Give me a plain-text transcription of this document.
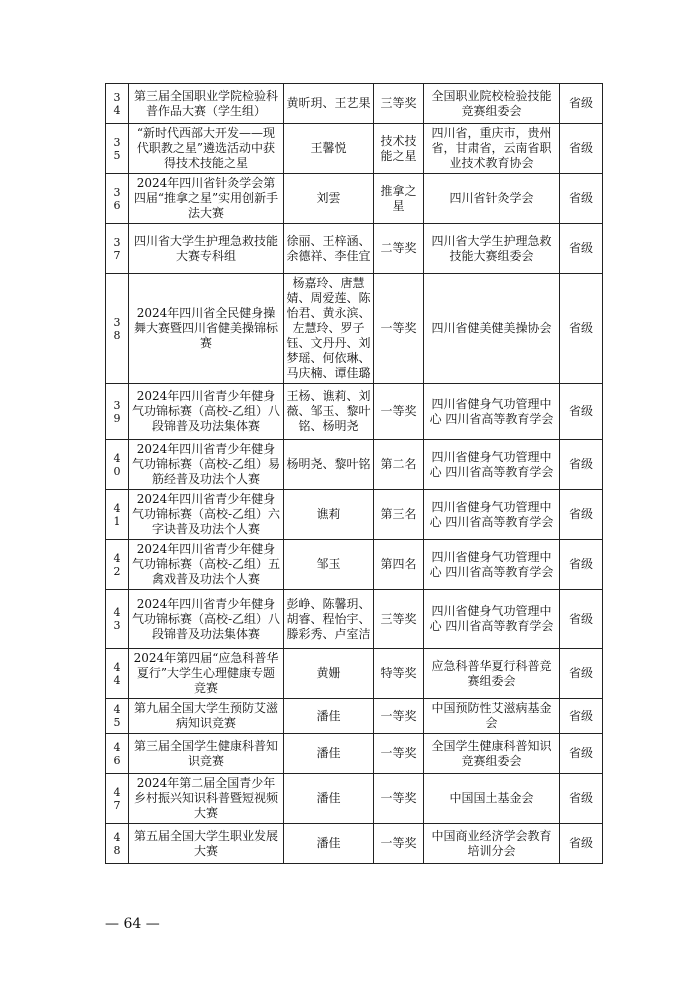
34	第三届全国职业学院检验科普作品大赛（学生组）	黄昕玥、王艺果	三等奖	全国职业院校检验技能竞赛组委会	省级
35	“新时代西部大开发——现代职教之星”遴选活动中获得技术技能之星	王馨悦	技术技能之星	四川省，重庆市，贵州省，甘肃省，云南省职业技术教育协会	省级
36	2024年四川省针灸学会第四届“推拿之星”实用创新手法大赛	刘雲	推拿之星	四川省针灸学会	省级
37	四川省大学生护理急救技能大赛专科组	徐丽、王梓涵、余德祥、李佳宜	二等奖	四川省大学生护理急救技能大赛组委会	省级
38	2024年四川省全民健身操舞大赛暨四川省健美操锦标赛	杨嘉玲、唐慧婧、周爱莲、陈怡君、黄永滨、左慧玲、罗子钰、文丹丹、刘梦瑶、何依琳、马庆楠、谭佳璐	一等奖	四川省健美健美操协会	省级
39	2024年四川省青少年健身气功锦标赛（高校-乙组）八段锦普及功法集体赛	王杨、谯莉、刘薇、邹玉、黎叶铭、杨明尧	一等奖	四川省健身气功管理中心 四川省高等教育学会	省级
40	2024年四川省青少年健身气功锦标赛（高校-乙组）易筋经普及功法个人赛	杨明尧、黎叶铭	第二名	四川省健身气功管理中心 四川省高等教育学会	省级
41	2024年四川省青少年健身气功锦标赛（高校-乙组）六字诀普及功法个人赛	谯莉	第三名	四川省健身气功管理中心 四川省高等教育学会	省级
42	2024年四川省青少年健身气功锦标赛（高校-乙组）五禽戏普及功法个人赛	邹玉	第四名	四川省健身气功管理中心 四川省高等教育学会	省级
43	2024年四川省青少年健身气功锦标赛（高校-乙组）八段锦普及功法集体赛	彭峥、陈馨玥、胡睿、程怡宇、滕彩秀、卢室洁	三等奖	四川省健身气功管理中心 四川省高等教育学会	省级
44	2024年第四届“应急科普华夏行”大学生心理健康专题竞赛	黄姗	特等奖	应急科普华夏行科普竞赛组委会	省级
45	第九届全国大学生预防艾滋病知识竞赛	潘佳	一等奖	中国预防性艾滋病基金会	省级
46	第三届全国学生健康科普知识竞赛	潘佳	一等奖	全国学生健康科普知识竞赛组委会	省级
47	2024年第二届全国青少年乡村振兴知识科普暨短视频大赛	潘佳	一等奖	中国国土基金会	省级
48	第五届全国大学生职业发展大赛	潘佳	一等奖	中国商业经济学会教育培训分会	省级
— 64 —
